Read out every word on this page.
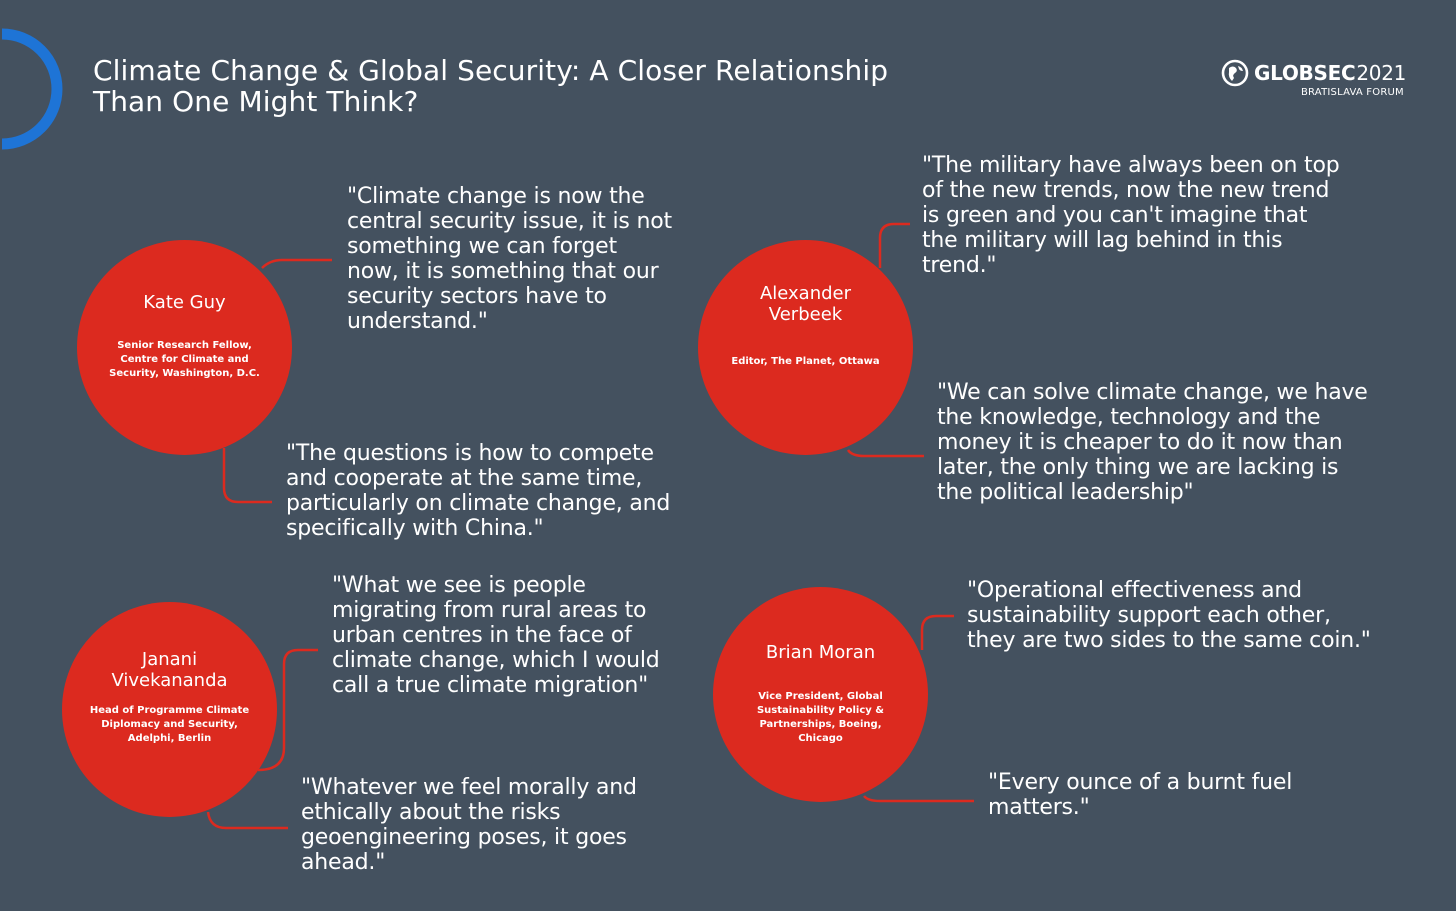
Climate Change & Global Security: A Closer Relationship
Than One Might Think?
GLOBSEC 2021
BRATISLAVA FORUM
Kate Guy
Senior Research Fellow,
Centre for Climate and
Security, Washington, D.C.
"Climate change is now the
central security issue, it is not
something we can forget
now, it is something that our
security sectors have to
understand."
"The questions is how to compete
and cooperate at the same time,
particularly on climate change, and
specifically with China."
Alexander
Verbeek
Editor, The Planet, Ottawa
"The military have always been on top
of the new trends, now the new trend
is green and you can't imagine that
the military will lag behind in this
trend."
"We can solve climate change, we have
the knowledge, technology and the
money it is cheaper to do it now than
later, the only thing we are lacking is
the political leadership"
Janani
Vivekananda
Head of Programme Climate
Diplomacy and Security,
Adelphi, Berlin
"What we see is people
migrating from rural areas to
urban centres in the face of
climate change, which I would
call a true climate migration"
"Whatever we feel morally and
ethically about the risks
geoengineering poses, it goes
ahead."
Brian Moran
Vice President, Global
Sustainability Policy &
Partnerships, Boeing,
Chicago
"Operational effectiveness and
sustainability support each other,
they are two sides to the same coin."
"Every ounce of a burnt fuel
matters."
